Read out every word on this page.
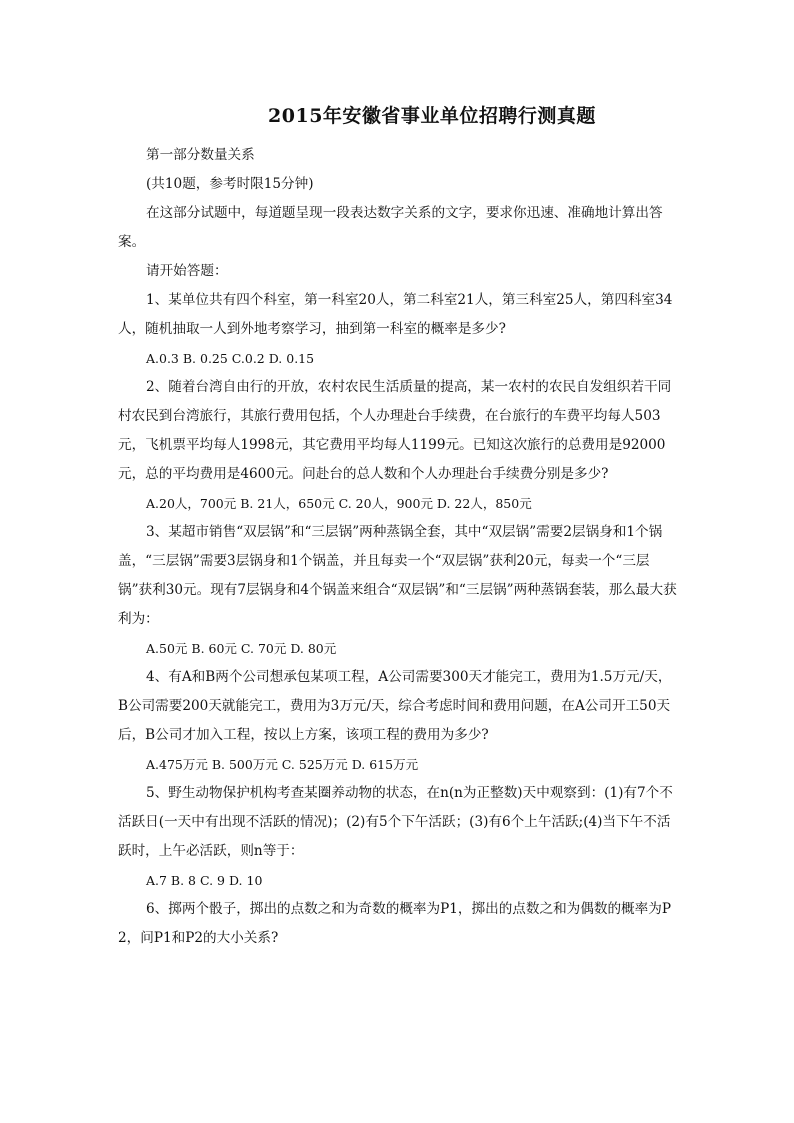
2015年安徽省事业单位招聘行测真题

第一部分数量关系

(共10题，参考时限15分钟)

在这部分试题中，每道题呈现一段表达数字关系的文字，要求你迅速、准确地计算出答案。

请开始答题：

1、某单位共有四个科室，第一科室20人，第二科室21人，第三科室25人，第四科室34人，随机抽取一人到外地考察学习，抽到第一科室的概率是多少?

A.0.3 B. 0.25 C.0.2 D. 0.15

2、随着台湾自由行的开放，农村农民生活质量的提高，某一农村的农民自发组织若干同村农民到台湾旅行，其旅行费用包括，个人办理赴台手续费，在台旅行的车费平均每人503元，飞机票平均每人1998元，其它费用平均每人1199元。已知这次旅行的总费用是92000元，总的平均费用是4600元。问赴台的总人数和个人办理赴台手续费分别是多少?

A.20人，700元 B. 21人，650元 C. 20人，900元 D. 22人，850元

3、某超市销售“双层锅”和“三层锅”两种蒸锅全套，其中“双层锅”需要2层锅身和1个锅盖，“三层锅”需要3层锅身和1个锅盖，并且每卖一个“双层锅”获利20元，每卖一个“三层锅”获利30元。现有7层锅身和4个锅盖来组合“双层锅”和“三层锅”两种蒸锅套装，那么最大获利为：

A.50元 B. 60元 C. 70元 D. 80元

4、有A和B两个公司想承包某项工程，A公司需要300天才能完工，费用为1.5万元/天，B公司需要200天就能完工，费用为3万元/天，综合考虑时间和费用问题，在A公司开工50天后，B公司才加入工程，按以上方案，该项工程的费用为多少?

A.475万元 B. 500万元 C. 525万元 D. 615万元

5、野生动物保护机构考查某圈养动物的状态，在n(n为正整数)天中观察到：(1)有7个不活跃日(一天中有出现不活跃的情况)；(2)有5个下午活跃；(3)有6个上午活跃;(4)当下午不活跃时，上午必活跃，则n等于：

A.7 B. 8 C. 9 D. 10

6、掷两个骰子，掷出的点数之和为奇数的概率为P1，掷出的点数之和为偶数的概率为P2，问P1和P2的大小关系?
